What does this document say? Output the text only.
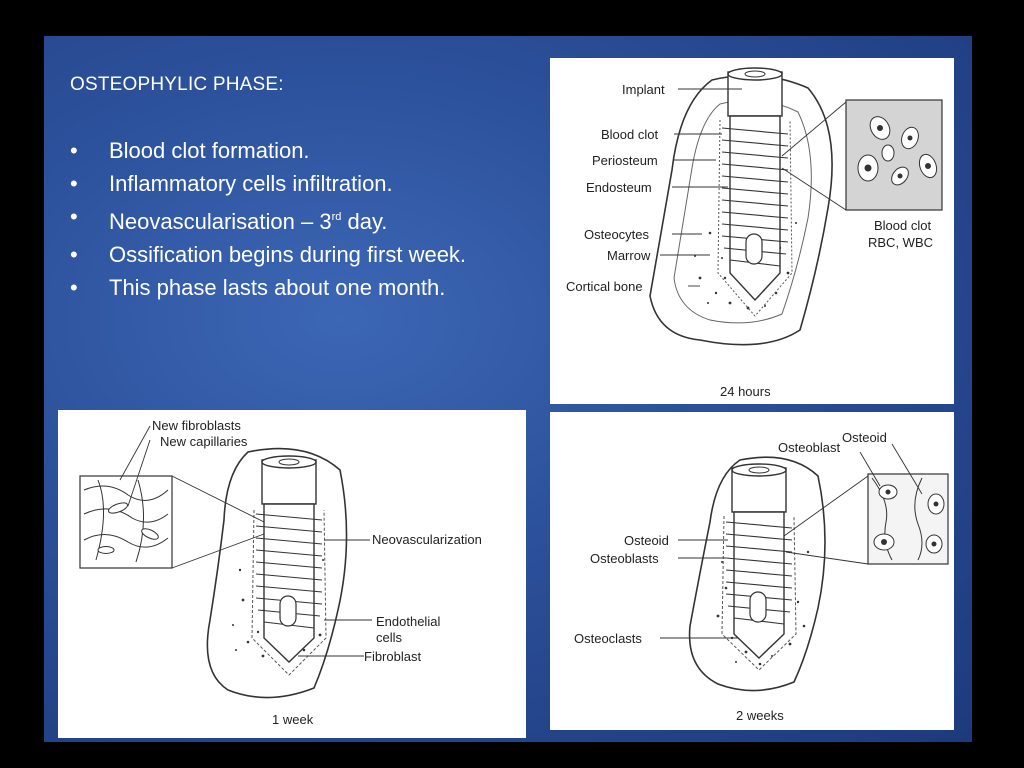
OSTEOPHYLIC PHASE:
• Blood clot formation.
• Inflammatory cells infiltration.
• Neovascularisation – 3rd day.
• Ossification begins during first week.
• This phase lasts about one month.
Implant
Blood clot
Periosteum
Endosteum
Osteocytes
Marrow
Cortical bone
Blood clot
RBC, WBC
24 hours
New fibroblasts
New capillaries
Neovascularization
Endothelial
cells
Fibroblast
1 week
Osteoid
Osteoblast
Osteoid
Osteoblasts
Osteoclasts
2 weeks
